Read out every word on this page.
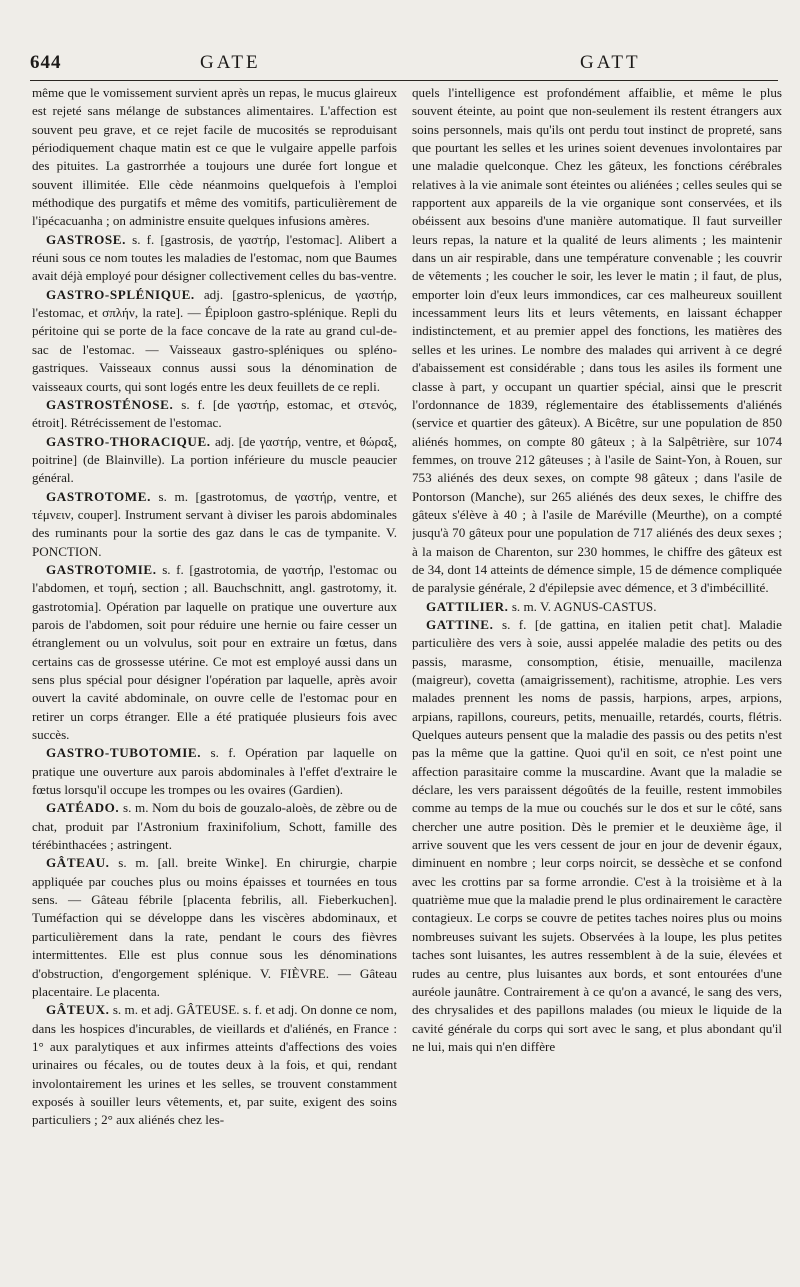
644	GATE	GATT

même que le vomissement survient après un repas, le mucus glaireux est rejeté sans mélange de substances alimentaires. L'affection est souvent peu grave, et ce rejet facile de mucosités se reproduisant périodiquement chaque matin est ce que le vulgaire appelle parfois des pituites. La gastrorrhée a toujours une durée fort longue et souvent illimitée. Elle cède néanmoins quelquefois à l'emploi méthodique des purgatifs et même des vomitifs, particulièrement de l'ipécacuanha ; on administre ensuite quelques infusions amères.

GASTROSE. s. f. [gastrosis, de γαστήρ, l'estomac]. Alibert a réuni sous ce nom toutes les maladies de l'estomac, nom que Baumes avait déjà employé pour désigner collectivement celles du bas-ventre.

GASTRO-SPLÉNIQUE. adj. [gastro-splenicus, de γαστήρ, l'estomac, et σπλήν, la rate]. — Épiploon gastro-splénique. Repli du péritoine qui se porte de la face concave de la rate au grand cul-de-sac de l'estomac. — Vaisseaux gastro-spléniques ou spléno-gastriques. Vaisseaux connus aussi sous la dénomination de vaisseaux courts, qui sont logés entre les deux feuillets de ce repli.

GASTROSTÉNOSE. s. f. [de γαστήρ, estomac, et στενός, étroit]. Rétrécissement de l'estomac.

GASTRO-THORACIQUE. adj. [de γαστήρ, ventre, et θώραξ, poitrine] (de Blainville). La portion inférieure du muscle peaucier général.

GASTROTOME. s. m. [gastrotomus, de γαστήρ, ventre, et τέμνειν, couper]. Instrument servant à diviser les parois abdominales des ruminants pour la sortie des gaz dans le cas de tympanite. V. PONCTION.

GASTROTOMIE. s. f. [gastrotomia, de γαστήρ, l'estomac ou l'abdomen, et τομή, section ; all. Bauchschnitt, angl. gastrotomy, it. gastrotomia]. Opération par laquelle on pratique une ouverture aux parois de l'abdomen, soit pour réduire une hernie ou faire cesser un étranglement ou un volvulus, soit pour en extraire un fœtus, dans certains cas de grossesse utérine. Ce mot est employé aussi dans un sens plus spécial pour désigner l'opération par laquelle, après avoir ouvert la cavité abdominale, on ouvre celle de l'estomac pour en retirer un corps étranger. Elle a été pratiquée plusieurs fois avec succès.

GASTRO-TUBOTOMIE. s. f. Opération par laquelle on pratique une ouverture aux parois abdominales à l'effet d'extraire le fœtus lorsqu'il occupe les trompes ou les ovaires (Gardien).

GATÉADO. s. m. Nom du bois de gouzalo-aloès, de zèbre ou de chat, produit par l'Astronium fraxinifolium, Schott, famille des térébinthacées ; astringent.

GÂTEAU. s. m. [all. breite Winke]. En chirurgie, charpie appliquée par couches plus ou moins épaisses et tournées en tous sens. — Gâteau fébrile [placenta febrilis, all. Fieberkuchen]. Tuméfaction qui se développe dans les viscères abdominaux, et particulièrement dans la rate, pendant le cours des fièvres intermittentes. Elle est plus connue sous les dénominations d'obstruction, d'engorgement splénique. V. FIÈVRE. — Gâteau placentaire. Le placenta.

GÂTEUX. s. m. et adj. GÂTEUSE. s. f. et adj. On donne ce nom, dans les hospices d'incurables, de vieillards et d'aliénés, en France : 1° aux paralytiques et aux infirmes atteints d'affections des voies urinaires ou fécales, ou de toutes deux à la fois, et qui, rendant involontairement les urines et les selles, se trouvent constamment exposés à souiller leurs vêtements, et, par suite, exigent des soins particuliers ; 2° aux aliénés chez les-

quels l'intelligence est profondément affaiblie, et même le plus souvent éteinte, au point que non-seulement ils restent étrangers aux soins personnels, mais qu'ils ont perdu tout instinct de propreté, sans que pourtant les selles et les urines soient devenues involontaires par une maladie quelconque. Chez les gâteux, les fonctions cérébrales relatives à la vie animale sont éteintes ou aliénées ; celles seules qui se rapportent aux appareils de la vie organique sont conservées, et ils obéissent aux besoins d'une manière automatique. Il faut surveiller leurs repas, la nature et la qualité de leurs aliments ; les maintenir dans un air respirable, dans une température convenable ; les couvrir de vêtements ; les coucher le soir, les lever le matin ; il faut, de plus, emporter loin d'eux leurs immondices, car ces malheureux souillent incessamment leurs lits et leurs vêtements, en laissant échapper indistinctement, et au premier appel des fonctions, les matières des selles et les urines. Le nombre des malades qui arrivent à ce degré d'abaissement est considérable ; dans tous les asiles ils forment une classe à part, y occupant un quartier spécial, ainsi que le prescrit l'ordonnance de 1839, réglementaire des établissements d'aliénés (service et quartier des gâteux). A Bicêtre, sur une population de 850 aliénés hommes, on compte 80 gâteux ; à la Salpêtrière, sur 1074 femmes, on trouve 212 gâteuses ; à l'asile de Saint-Yon, à Rouen, sur 753 aliénés des deux sexes, on compte 98 gâteux ; dans l'asile de Pontorson (Manche), sur 265 aliénés des deux sexes, le chiffre des gâteux s'élève à 40 ; à l'asile de Maréville (Meurthe), on a compté jusqu'à 70 gâteux pour une population de 717 aliénés des deux sexes ; à la maison de Charenton, sur 230 hommes, le chiffre des gâteux est de 34, dont 14 atteints de démence simple, 15 de démence compliquée de paralysie générale, 2 d'épilepsie avec démence, et 3 d'imbécillité.

GATTILIER. s. m. V. AGNUS-CASTUS.

GATTINE. s. f. [de gattina, en italien petit chat]. Maladie particulière des vers à soie, aussi appelée maladie des petits ou des passis, marasme, consomption, étisie, menuaille, macilenza (maigreur), covetta (amaigrissement), rachitisme, atrophie. Les vers malades prennent les noms de passis, harpions, arpes, arpions, arpians, rapillons, coureurs, petits, menuaille, retardés, courts, flétris. Quelques auteurs pensent que la maladie des passis ou des petits n'est pas la même que la gattine. Quoi qu'il en soit, ce n'est point une affection parasitaire comme la muscardine. Avant que la maladie se déclare, les vers paraissent dégoûtés de la feuille, restent immobiles comme au temps de la mue ou couchés sur le dos et sur le côté, sans chercher une autre position. Dès le premier et le deuxième âge, il arrive souvent que les vers cessent de jour en jour de devenir égaux, diminuent en nombre ; leur corps noircit, se dessèche et se confond avec les crottins par sa forme arrondie. C'est à la troisième et à la quatrième mue que la maladie prend le plus ordinairement le caractère contagieux. Le corps se couvre de petites taches noires plus ou moins nombreuses suivant les sujets. Observées à la loupe, les plus petites taches sont luisantes, les autres ressemblent à de la suie, élevées et rudes au centre, plus luisantes aux bords, et sont entourées d'une auréole jaunâtre. Contrairement à ce qu'on a avancé, le sang des vers, des chrysalides et des papillons malades (ou mieux le liquide de la cavité générale du corps qui sort avec le sang, et plus abondant qu'il ne lui, mais qui n'en diffère
